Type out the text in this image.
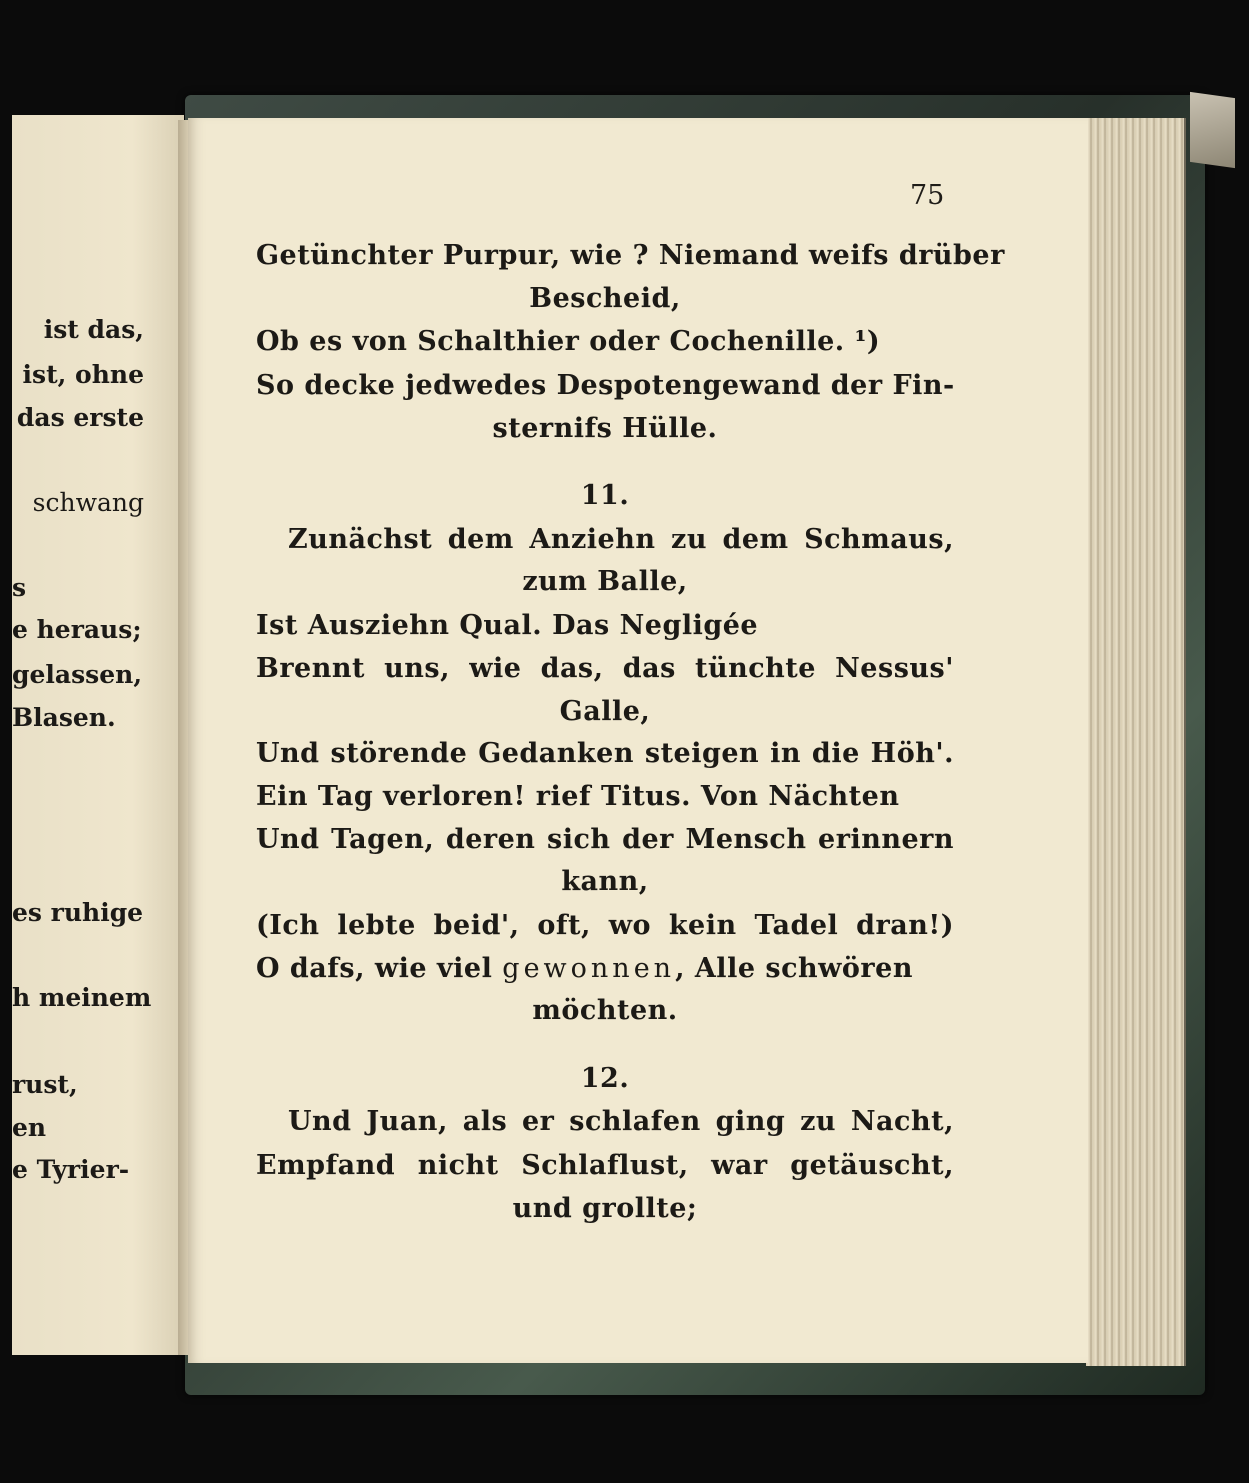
ist das,
ist, ohne
das erste
schwang
s
e heraus;
gelassen,
Blasen.
es ruhige
h meinem
rust,
en
e Tyrier-
75
Getünchter Purpur, wie ? Niemand weifs drüber
Bescheid,
Ob es von Schalthier oder Cochenille. ¹)
So decke jedwedes Despotengewand der Fin-
sternifs Hülle.
11.
Zunächst dem Anziehn zu dem Schmaus,
zum Balle,
Ist Ausziehn Qual. Das Negligée
Brennt uns, wie das, das tünchte Nessus'
Galle,
Und störende Gedanken steigen in die Höh'.
Ein Tag verloren! rief Titus. Von Nächten
Und Tagen, deren sich der Mensch erinnern
kann,
(Ich lebte beid', oft, wo kein Tadel dran!)
O dafs, wie viel gewonnen, Alle schwören
möchten.
12.
Und Juan, als er schlafen ging zu Nacht,
Empfand nicht Schlaflust, war getäuscht,
und grollte;
